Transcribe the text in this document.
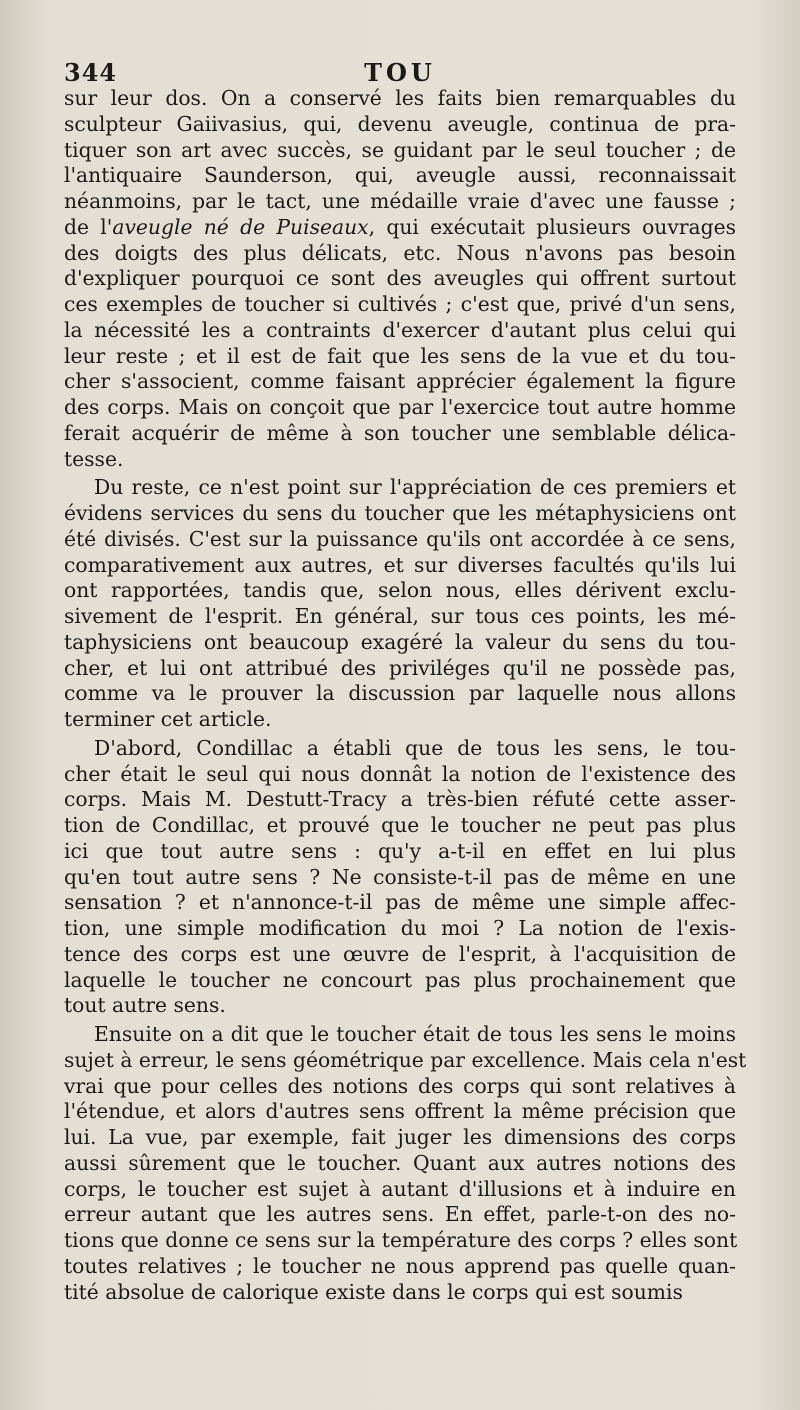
344	TOU
sur leur dos. On a conservé les faits bien remarquables du
sculpteur Gaiivasius, qui, devenu aveugle, continua de pra-
tiquer son art avec succès, se guidant par le seul toucher ; de
l'antiquaire Saunderson, qui, aveugle aussi, reconnaissait
néanmoins, par le tact, une médaille vraie d'avec une fausse ;
de l'aveugle né de Puiseaux, qui exécutait plusieurs ouvrages
des doigts des plus délicats, etc. Nous n'avons pas besoin
d'expliquer pourquoi ce sont des aveugles qui offrent surtout
ces exemples de toucher si cultivés ; c'est que, privé d'un sens,
la nécessité les a contraints d'exercer d'autant plus celui qui
leur reste ; et il est de fait que les sens de la vue et du tou-
cher s'associent, comme faisant apprécier également la figure
des corps. Mais on conçoit que par l'exercice tout autre homme
ferait acquérir de même à son toucher une semblable délica-
tesse.
Du reste, ce n'est point sur l'appréciation de ces premiers et
évidens services du sens du toucher que les métaphysiciens ont
été divisés. C'est sur la puissance qu'ils ont accordée à ce sens,
comparativement aux autres, et sur diverses facultés qu'ils lui
ont rapportées, tandis que, selon nous, elles dérivent exclu-
sivement de l'esprit. En général, sur tous ces points, les mé-
taphysiciens ont beaucoup exagéré la valeur du sens du tou-
cher, et lui ont attribué des priviléges qu'il ne possède pas,
comme va le prouver la discussion par laquelle nous allons
terminer cet article.
D'abord, Condillac a établi que de tous les sens, le tou-
cher était le seul qui nous donnât la notion de l'existence des
corps. Mais M. Destutt-Tracy a très-bien réfuté cette asser-
tion de Condillac, et prouvé que le toucher ne peut pas plus
ici que tout autre sens : qu'y a-t-il en effet en lui plus
qu'en tout autre sens ? Ne consiste-t-il pas de même en une
sensation ? et n'annonce-t-il pas de même une simple affec-
tion, une simple modification du moi ? La notion de l'exis-
tence des corps est une œuvre de l'esprit, à l'acquisition de
laquelle le toucher ne concourt pas plus prochainement que
tout autre sens.
Ensuite on a dit que le toucher était de tous les sens le moins
sujet à erreur, le sens géométrique par excellence. Mais cela n'est
vrai que pour celles des notions des corps qui sont relatives à
l'étendue, et alors d'autres sens offrent la même précision que
lui. La vue, par exemple, fait juger les dimensions des corps
aussi sûrement que le toucher. Quant aux autres notions des
corps, le toucher est sujet à autant d'illusions et à induire en
erreur autant que les autres sens. En effet, parle-t-on des no-
tions que donne ce sens sur la température des corps ? elles sont
toutes relatives ; le toucher ne nous apprend pas quelle quan-
tité absolue de calorique existe dans le corps qui est soumis
